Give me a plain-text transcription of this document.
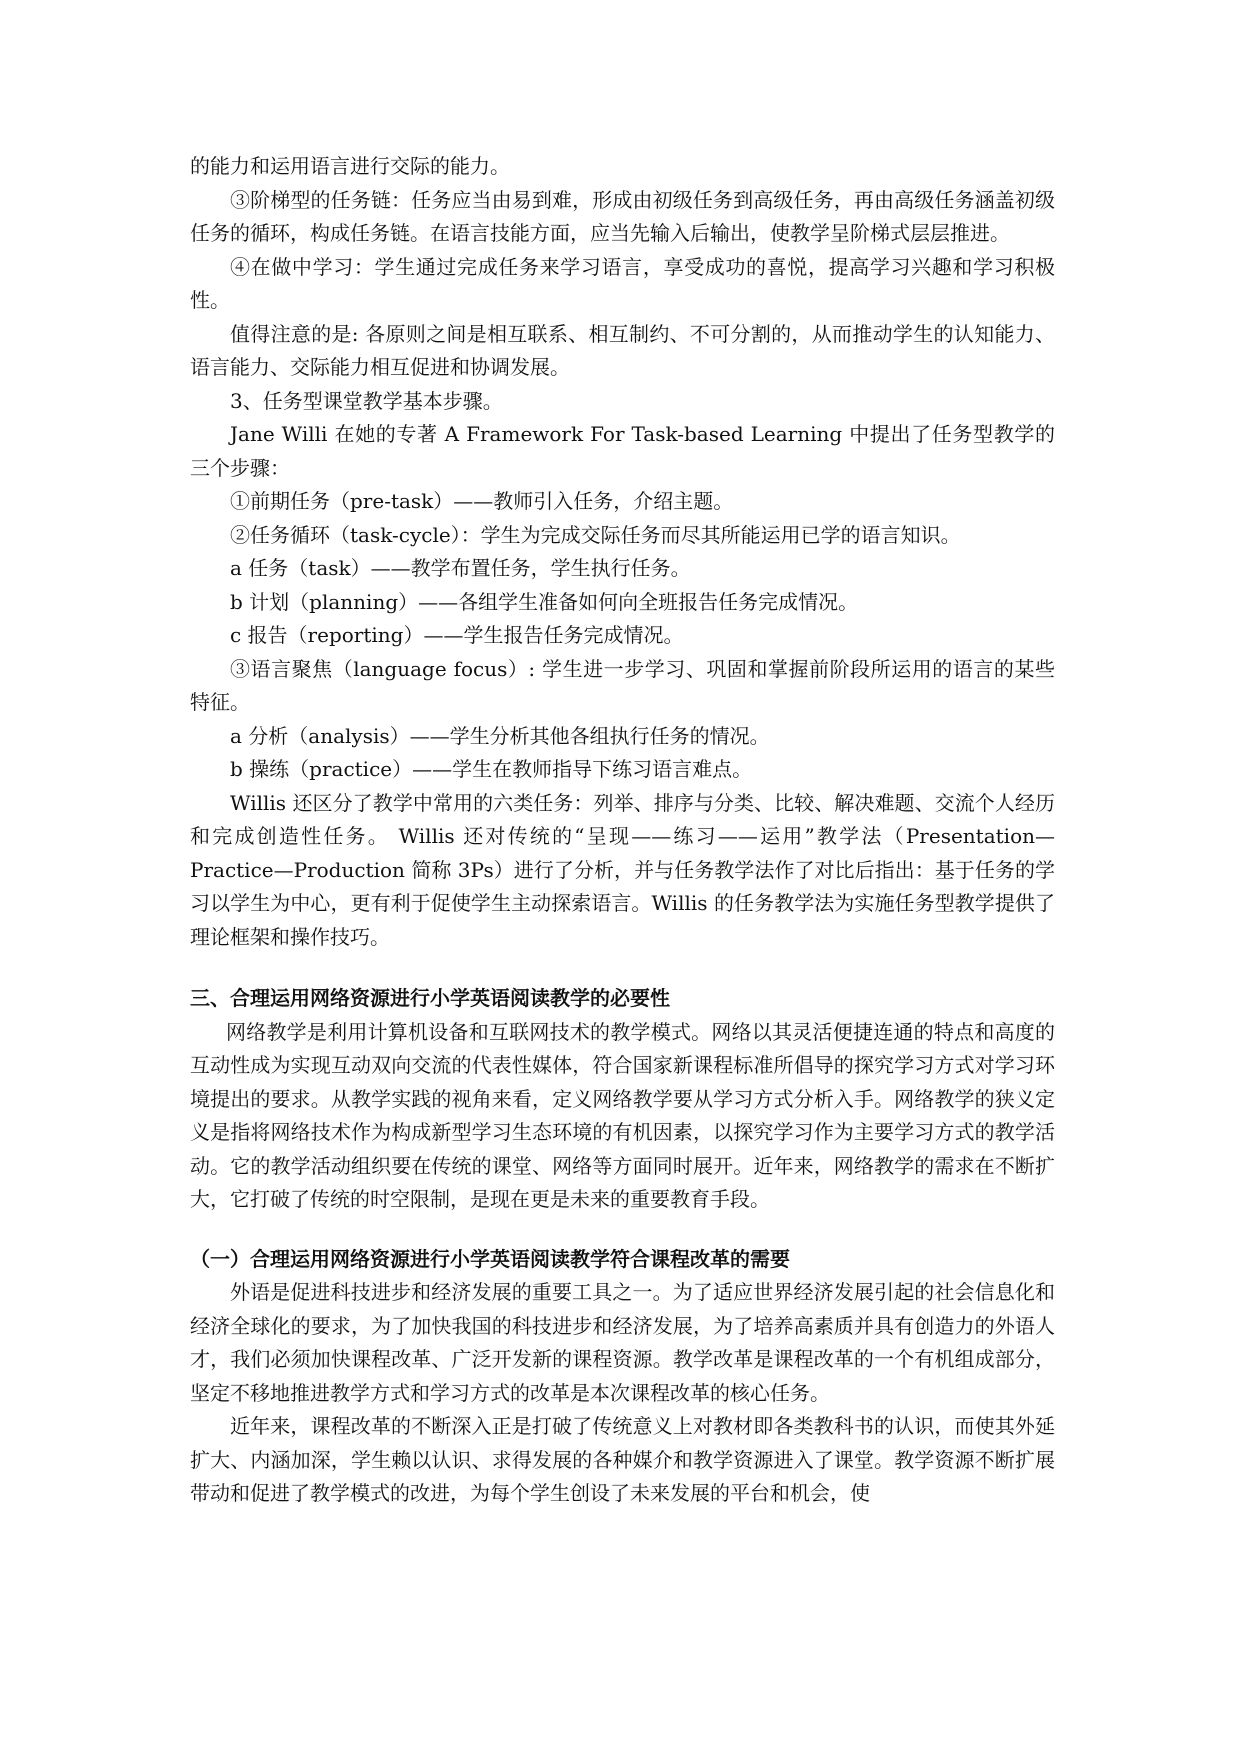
的能力和运用语言进行交际的能力。

③阶梯型的任务链：任务应当由易到难，形成由初级任务到高级任务，再由高级任务涵盖初级任务的循环，构成任务链。在语言技能方面，应当先输入后输出，使教学呈阶梯式层层推进。

④在做中学习：学生通过完成任务来学习语言，享受成功的喜悦，提高学习兴趣和学习积极性。

值得注意的是: 各原则之间是相互联系、相互制约、不可分割的，从而推动学生的认知能力、语言能力、交际能力相互促进和协调发展。

3、任务型课堂教学基本步骤。

Jane Willi 在她的专著 A Framework For Task-based Learning 中提出了任务型教学的三个步骤：

①前期任务（pre-task）——教师引入任务，介绍主题。

②任务循环（task-cycle）：学生为完成交际任务而尽其所能运用已学的语言知识。

a 任务（task）——教学布置任务，学生执行任务。

b 计划（planning）——各组学生准备如何向全班报告任务完成情况。

c 报告（reporting）——学生报告任务完成情况。

③语言聚焦（language focus）: 学生进一步学习、巩固和掌握前阶段所运用的语言的某些特征。

a 分析（analysis）——学生分析其他各组执行任务的情况。

b 操练（practice）——学生在教师指导下练习语言难点。

Willis 还区分了教学中常用的六类任务：列举、排序与分类、比较、解决难题、交流个人经历和完成创造性任务。 Willis 还对传统的“呈现——练习——运用”教学法（Presentation—Practice—Production 简称 3Ps）进行了分析，并与任务教学法作了对比后指出：基于任务的学习以学生为中心，更有利于促使学生主动探索语言。Willis 的任务教学法为实施任务型教学提供了理论框架和操作技巧。

三、合理运用网络资源进行小学英语阅读教学的必要性

网络教学是利用计算机设备和互联网技术的教学模式。网络以其灵活便捷连通的特点和高度的互动性成为实现互动双向交流的代表性媒体，符合国家新课程标准所倡导的探究学习方式对学习环境提出的要求。从教学实践的视角来看，定义网络教学要从学习方式分析入手。网络教学的狭义定义是指将网络技术作为构成新型学习生态环境的有机因素，以探究学习作为主要学习方式的教学活动。它的教学活动组织要在传统的课堂、网络等方面同时展开。近年来，网络教学的需求在不断扩大，它打破了传统的时空限制，是现在更是未来的重要教育手段。

（一）合理运用网络资源进行小学英语阅读教学符合课程改革的需要

外语是促进科技进步和经济发展的重要工具之一。为了适应世界经济发展引起的社会信息化和经济全球化的要求，为了加快我国的科技进步和经济发展，为了培养高素质并具有创造力的外语人才，我们必须加快课程改革、广泛开发新的课程资源。教学改革是课程改革的一个有机组成部分，坚定不移地推进教学方式和学习方式的改革是本次课程改革的核心任务。

近年来，课程改革的不断深入正是打破了传统意义上对教材即各类教科书的认识，而使其外延扩大、内涵加深，学生赖以认识、求得发展的各种媒介和教学资源进入了课堂。教学资源不断扩展带动和促进了教学模式的改进，为每个学生创设了未来发展的平台和机会，使
